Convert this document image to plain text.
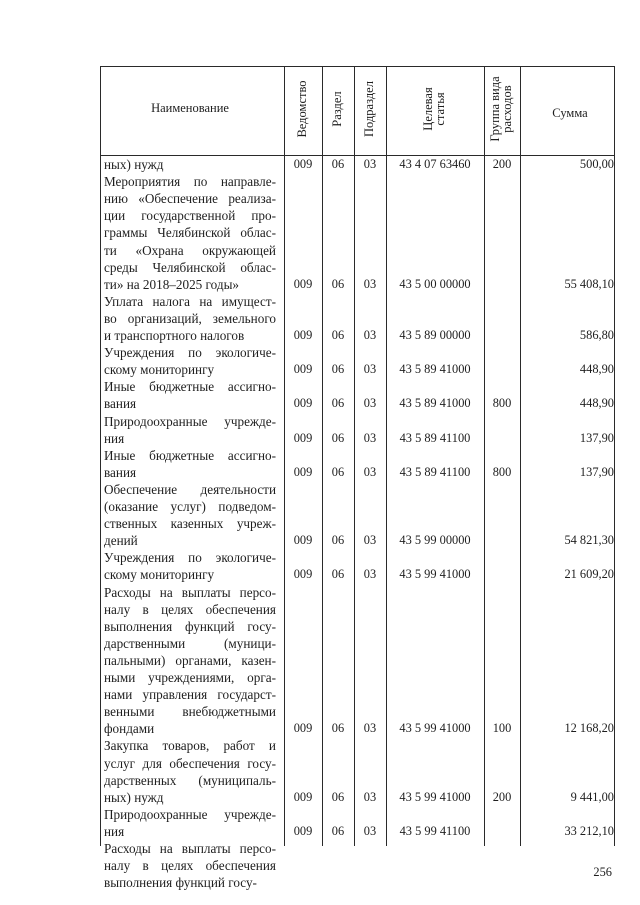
Наименование	Ведомство Раздел Подраздел	Целевая статья	Группа вида расходов	Сумма
ных) нужд	009	06	03	43 4 07 63460	200	500,00
Мероприятия по направле-
нию «Обеспечение реализа-
ции государственной про-
граммы Челябинской облас-
ти «Охрана окружающей
среды Челябинской облас-
ти» на 2018–2025 годы»	009	06	03	43 5 00 00000	55 408,10
Уплата налога на имущест-
во организаций, земельного
и транспортного налогов	009	06	03	43 5 89 00000	586,80
Учреждения по экологиче-
скому мониторингу	009	06	03	43 5 89 41000	448,90
Иные бюджетные ассигно-
вания	009	06	03	43 5 89 41000	800	448,90
Природоохранные учрежде-
ния	009	06	03	43 5 89 41100	137,90
Иные бюджетные ассигно-
вания	009	06	03	43 5 89 41100	800	137,90
Обеспечение деятельности
(оказание услуг) подведом-
ственных казенных учреж-
дений	009	06	03	43 5 99 00000	54 821,30
Учреждения по экологиче-
скому мониторингу	009	06	03	43 5 99 41000	21 609,20
Расходы на выплаты персо-
налу в целях обеспечения
выполнения функций госу-
дарственными (муници-
пальными) органами, казен-
ными учреждениями, орга-
нами управления государст-
венными внебюджетными
фондами	009	06	03	43 5 99 41000	100	12 168,20
Закупка товаров, работ и
услуг для обеспечения госу-
дарственных (муниципаль-
ных) нужд	009	06	03	43 5 99 41000	200	9 441,00
Природоохранные учрежде-
ния	009	06	03	43 5 99 41100	33 212,10
Расходы на выплаты персо-
налу в целях обеспечения
выполнения функций госу-
256
